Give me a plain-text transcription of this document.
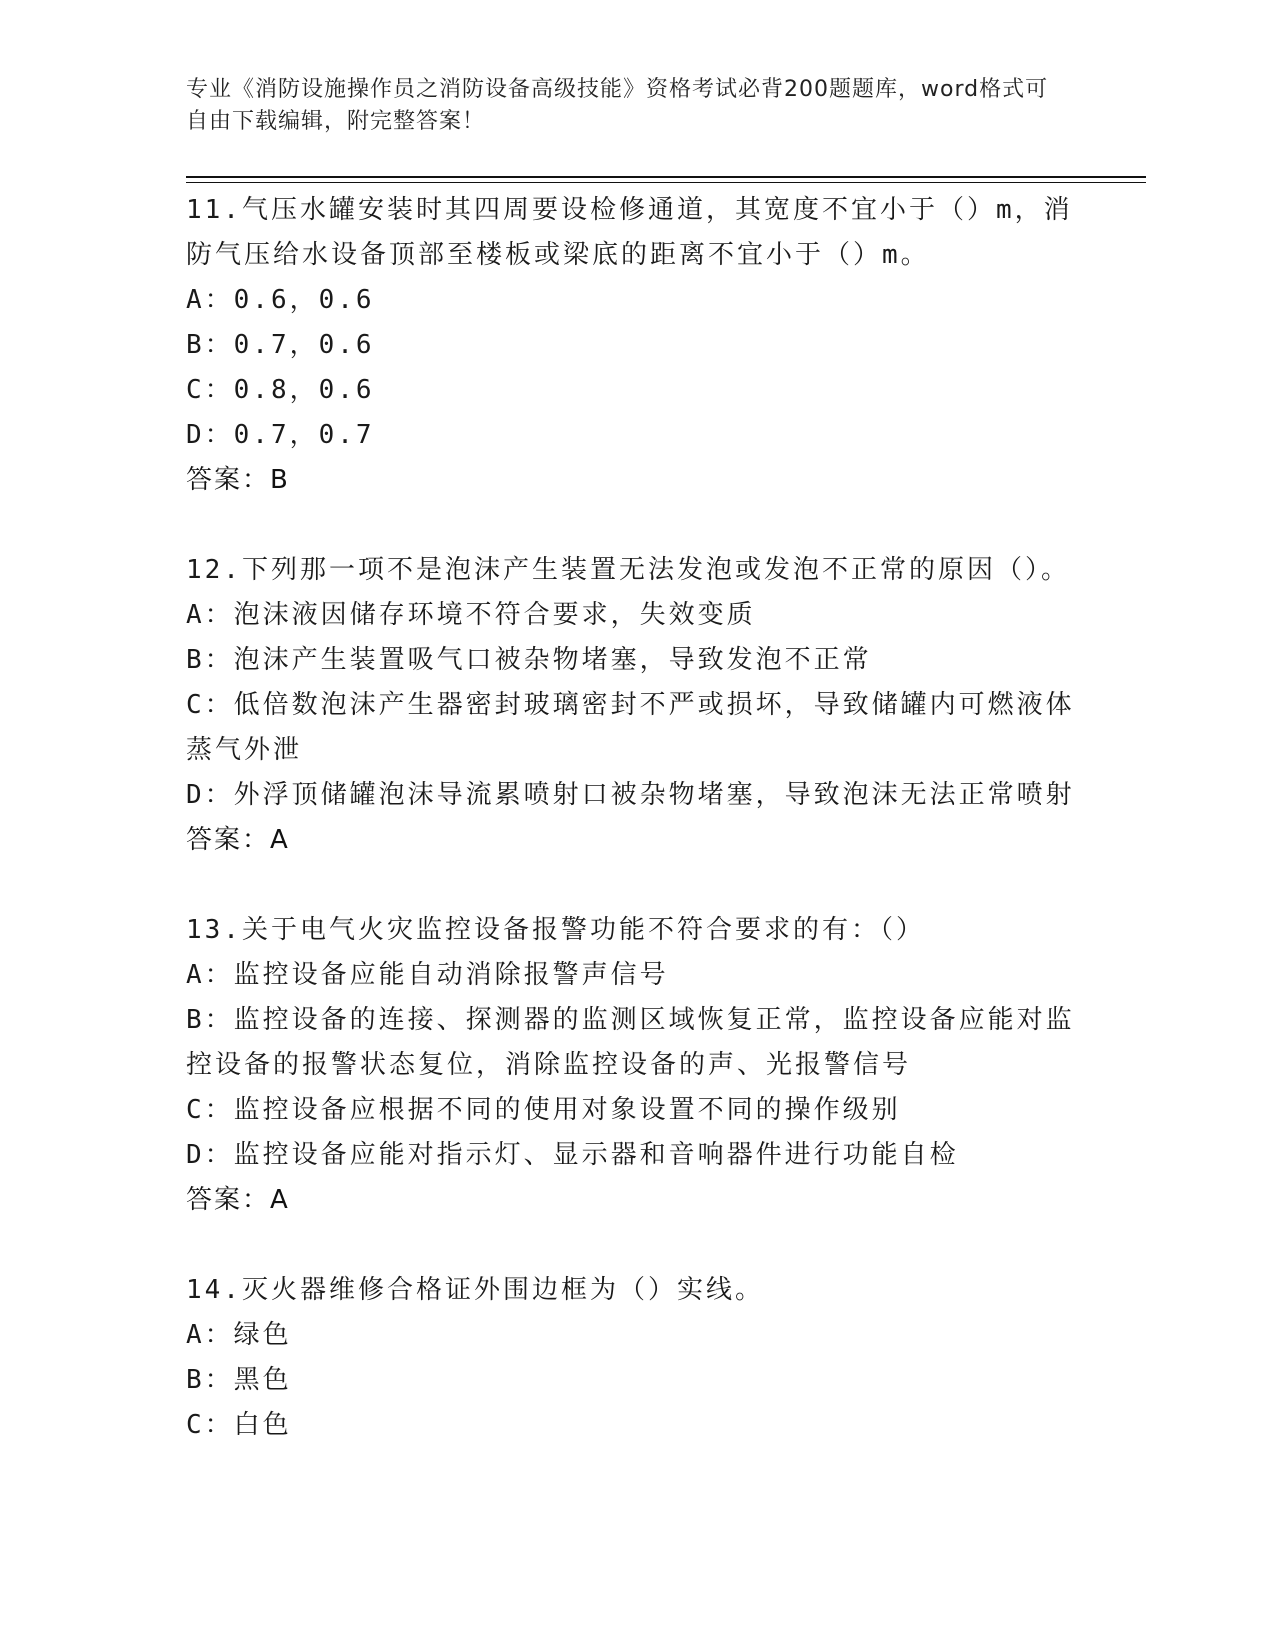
专业《消防设施操作员之消防设备高级技能》资格考试必背200题题库，word格式可自由下载编辑，附完整答案！

11.气压水罐安装时其四周要设检修通道，其宽度不宜小于（）m，消防气压给水设备顶部至楼板或梁底的距离不宜小于（）m。

A：0.6，0.6

B：0.7，0.6

C：0.8，0.6

D：0.7，0.7

答案：B

12.下列那一项不是泡沫产生装置无法发泡或发泡不正常的原因（）。

A：泡沫液因储存环境不符合要求，失效变质

B：泡沫产生装置吸气口被杂物堵塞，导致发泡不正常

C：低倍数泡沫产生器密封玻璃密封不严或损坏，导致储罐内可燃液体蒸气外泄

D：外浮顶储罐泡沫导流累喷射口被杂物堵塞，导致泡沫无法正常喷射

答案：A

13.关于电气火灾监控设备报警功能不符合要求的有：（）

A：监控设备应能自动消除报警声信号

B：监控设备的连接、探测器的监测区域恢复正常，监控设备应能对监控设备的报警状态复位，消除监控设备的声、光报警信号

C：监控设备应根据不同的使用对象设置不同的操作级别

D：监控设备应能对指示灯、显示器和音响器件进行功能自检

答案：A

14.灭火器维修合格证外围边框为（）实线。

A：绿色

B：黑色

C：白色
